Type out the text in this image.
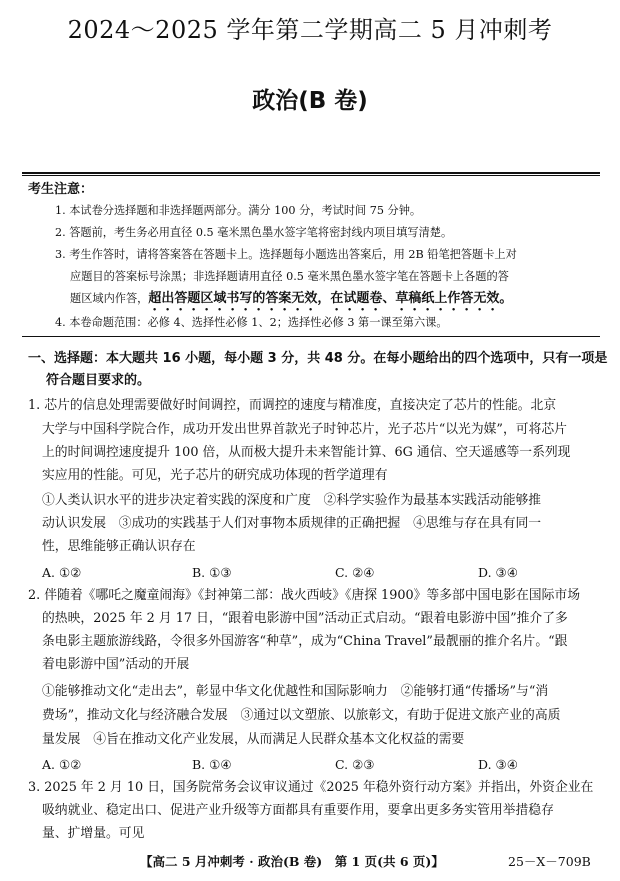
2024～2025 学年第二学期高二 5 月冲刺考
政治(B 卷)
考生注意：
1. 本试卷分选择题和非选择题两部分。满分 100 分，考试时间 75 分钟。
2. 答题前，考生务必用直径 0.5 毫米黑色墨水签字笔将密封线内项目填写清楚。
3. 考生作答时，请将答案答在答题卡上。选择题每小题选出答案后，用 2B 铅笔把答题卡上对
应题目的答案标号涂黑；非选择题请用直径 0.5 毫米黑色墨水签字笔在答题卡上各题的答
题区域内作答，超出答题区域书写的答案无效，在试题卷、草稿纸上作答无效。
4. 本卷命题范围：必修 4、选择性必修 1、2；选择性必修 3 第一课至第六课。
一、选择题：本大题共 16 小题，每小题 3 分，共 48 分。在每小题给出的四个选项中，只有一项是
符合题目要求的。
1. 芯片的信息处理需要做好时间调控，而调控的速度与精准度，直接决定了芯片的性能。北京
大学与中国科学院合作，成功开发出世界首款光子时钟芯片，光子芯片“以光为媒”，可将芯片
上的时间调控速度提升 100 倍，从而极大提升未来智能计算、6G 通信、空天遥感等一系列现
实应用的性能。可见，光子芯片的研究成功体现的哲学道理有
①人类认识水平的进步决定着实践的深度和广度　②科学实验作为最基本实践活动能够推
动认识发展　③成功的实践基于人们对事物本质规律的正确把握　④思维与存在具有同一
性，思维能够正确认识存在
A. ①②	B. ①③	C. ②④	D. ③④
2. 伴随着《哪吒之魔童闹海》《封神第二部：战火西岐》《唐探 1900》等多部中国电影在国际市场
的热映，2025 年 2 月 17 日，“跟着电影游中国”活动正式启动。“跟着电影游中国”推介了多
条电影主题旅游线路，令很多外国游客“种草”，成为“China Travel”最靓丽的推介名片。“跟
着电影游中国”活动的开展
①能够推动文化“走出去”，彰显中华文化优越性和国际影响力　②能够打通“传播场”与“消
费场”，推动文化与经济融合发展　③通过以文塑旅、以旅彰文，有助于促进文旅产业的高质
量发展　④旨在推动文化产业发展，从而满足人民群众基本文化权益的需要
A. ①②	B. ①④	C. ②③	D. ③④
3. 2025 年 2 月 10 日，国务院常务会议审议通过《2025 年稳外资行动方案》并指出，外资企业在
吸纳就业、稳定出口、促进产业升级等方面都具有重要作用，要拿出更多务实管用举措稳存
量、扩增量。可见
【高二 5 月冲刺考 · 政治(B 卷)　第 1 页(共 6 页)】	25－X－709B
